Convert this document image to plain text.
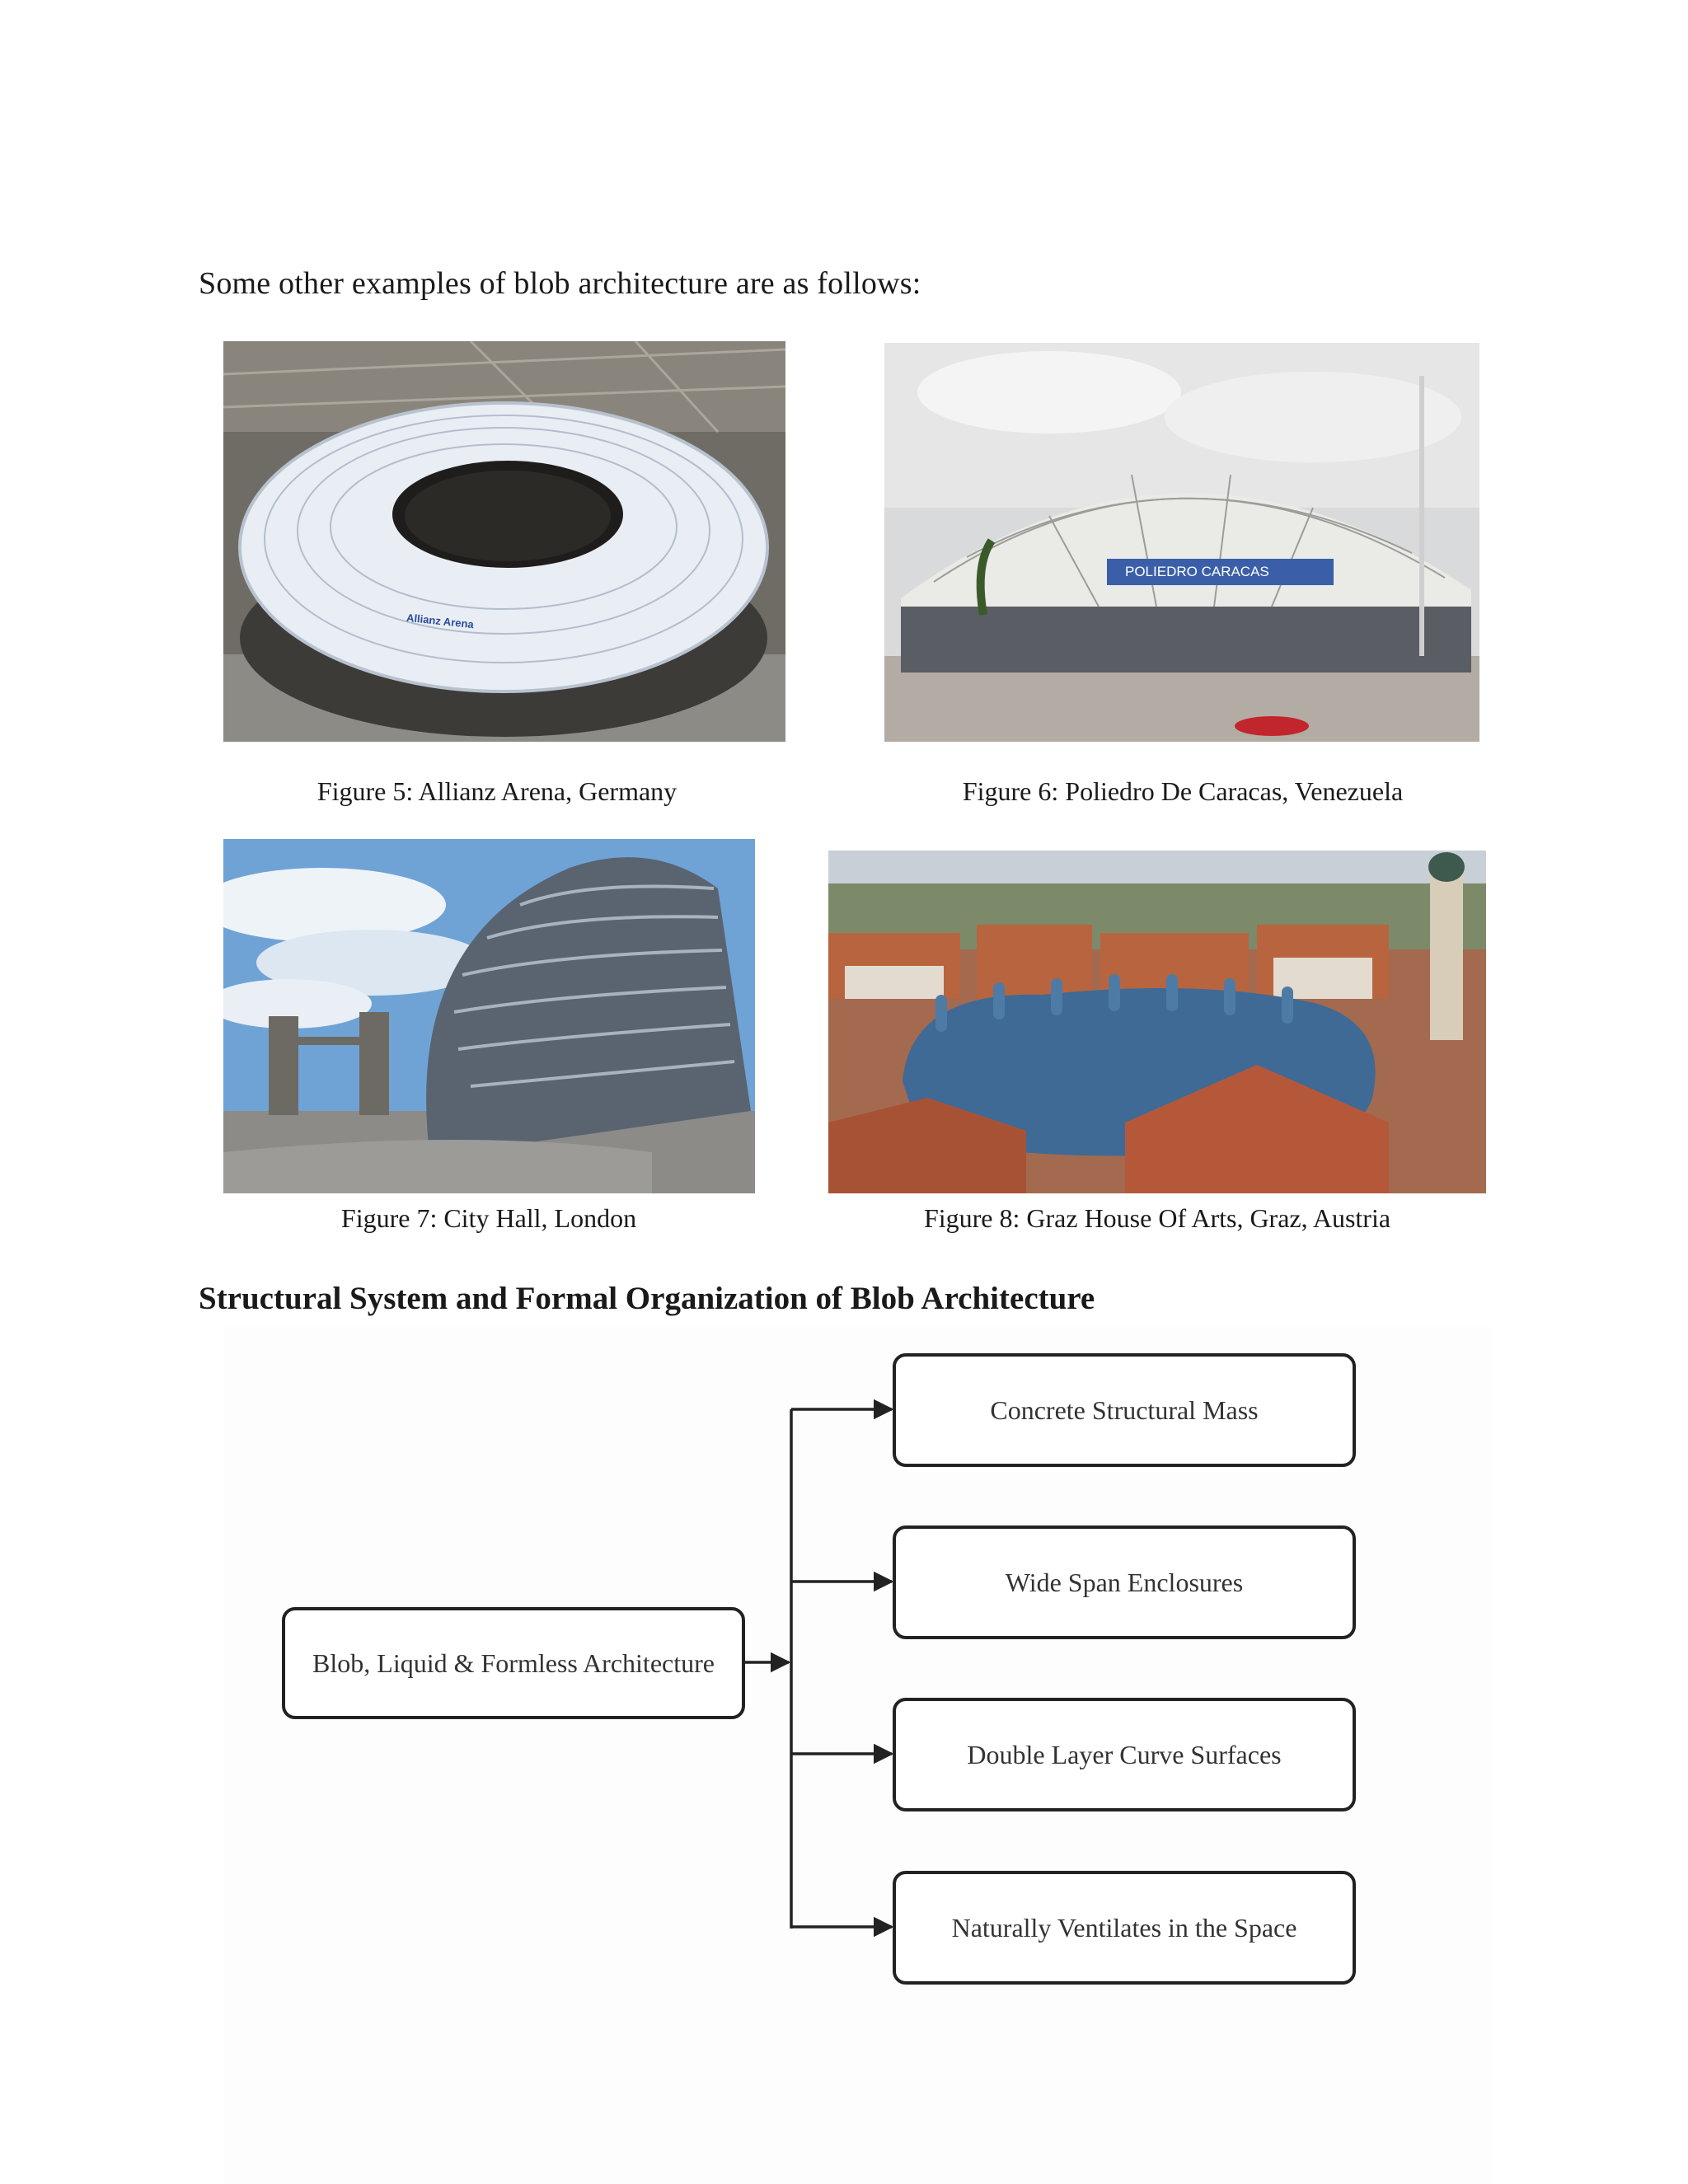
Some other examples of blob architecture are as follows:
Allianz Arena
Figure 5: Allianz Arena, Germany
POLIEDRO CARACAS
Figure 6: Poliedro De Caracas, Venezuela
Figure 7: City Hall, London	Figure 8: Graz House Of Arts, Graz, Austria
Structural System and Formal Organization of Blob Architecture
Blob, Liquid & Formless Architecture
Concrete Structural Mass
Wide Span Enclosures
Double Layer Curve Surfaces
Naturally Ventilates in the Space
